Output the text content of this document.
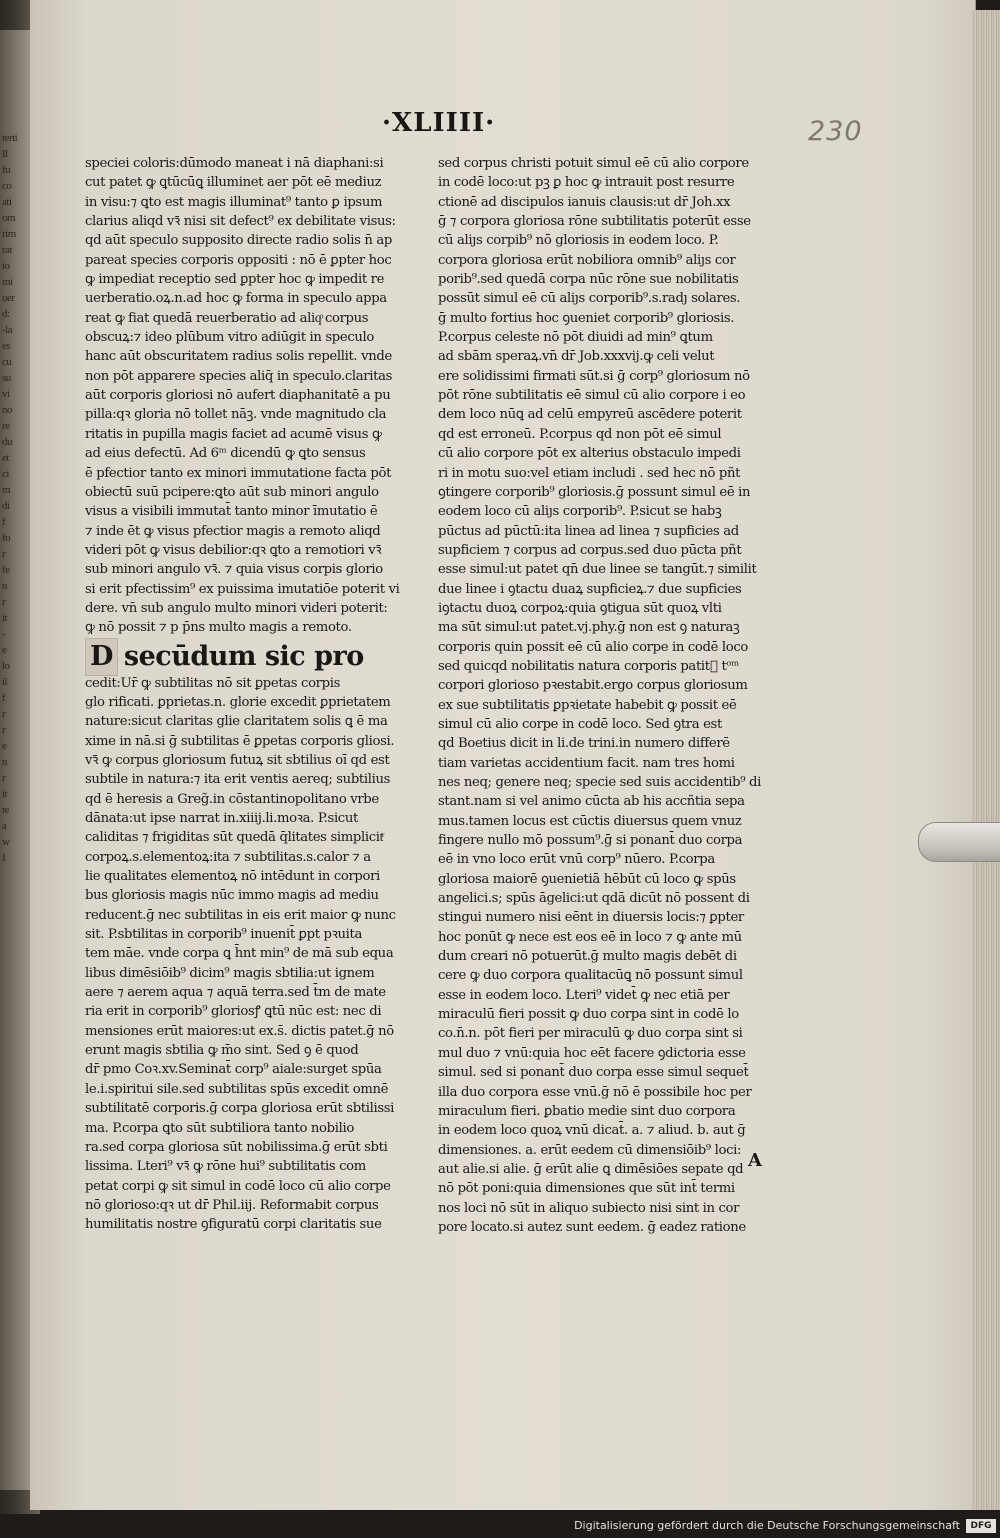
terti
Il
fu
co
ati
om
rim
rat
io
mi
uer
d:
-la
es
cu
su
vi
no
re
du
et
ci
m
di
f
fo
r
fe
n
r
it
-
e
lo
il
f
r
r
e
n
r
it
te
a
w
I
·XLIIII·	230
speciei coloris:dūmodo maneat i nā diaphani:si
cut patet ꝙ ꝗtūcūꝗ illuminet aer pōt eē mediuz
in visu:⁊ ꝗto est magis illuminat⁹ tanto ꝑ ipsum
clarius aliqd vꝛ̄ nisi sit defect⁹ ex debilitate visus:
qd aūt speculo supposito directe radio solis n̄ ap
pareat species corporis oppositi : nō ē ꝑpter hoc
ꝙ impediat receptio sed ꝑpter hoc ꝙ impedit re
uerberatio.oꝝ.n.ad hoc ꝙ forma in speculo appa
reat ꝙ fiat quedā reuerberatio ad aliqͦ corpus
obscuꝝ:⁊ ideo plūbum vitro adiūgit in speculo
hanc aūt obscuritatem radius solis repellit. vnde
non pōt apparere species aliq̄ in speculo.claritas
aūt corporis gloriosi nō aufert diaphanitatē a pu
pilla:qꝛ gloria nō tollet nāꝫ. vnde magnitudo cla
ritatis in pupilla magis faciet ad acumē visus ꝙ
ad eius defectū. Ad 6ᵐ dicendū ꝙ ꝗto sensus
ē pfectior tanto ex minori immutatione facta pōt
obiectū suū pcipere:ꝗto aūt sub minori angulo
visus a visibili immutat̄ tanto minor īmutatio ē
⁊ inde ēt ꝙ visus pfectior magis a remoto aliqd
videri pōt ꝙ visus debilior:qꝛ ꝗto a remotiori vꝛ̄
sub minori angulo vꝛ̄. ⁊ quia visus corpis glorio
si erit pfectissim⁹ ex puissima imutatiōe poterit vi
dere. vn̄ sub angulo multo minori videri poterit:
ꝙ nō possit ⁊ p p̄ns multo magis a remoto.
D secūdum sic pro
cedit:Ur̄ ꝙ subtilitas nō sit ꝑpetas corpis
glo rificati. ꝑprietas.n. glorie excedit ꝑprietatem
nature:sicut claritas glie claritatem solis ꝗ ē ma
xime in nā.si ḡ subtilitas ē ꝑpetas corporis gliosi.
vꝛ̄ ꝙ corpus gloriosum futuꝝ sit sbtilius oī qd est
subtile in natura:⁊ ita erit ventis aereq; subtilius
qd ē heresis a Greg̃.in cōstantinopolitano vrbe
dānata:ut ipse narrat in.xiiij.li.moꝛa. P.sicut
caliditas ⁊ frigiditas sūt quedā q̄litates simplicitͬ
corpoꝝ.s.elementoꝝ:ita ⁊ subtilitas.s.calor ⁊ a
lie qualitates elementoꝝ nō intēdunt in corpori
bus gloriosis magis nūc immo magis ad mediu
reducent.ḡ nec subtilitas in eis erit maior ꝙ nunc
sit. P.sbtilitas in corporib⁹ inuenit̄ ꝑpt pꝛuita
tem māe. vnde corpa ꝗ h̄nt min⁹ de mā sub equa
libus dimēsiōib⁹ dicim⁹ magis sbtilia:ut ignem
aere ⁊ aerem aqua ⁊ aquā terra.sed t̄m de mate
ria erit in corporib⁹ gloriosꝭ ꝗtū nūc est: nec di
mensiones erūt maiores:ut ex.s̄. dictis patet.ḡ nō
erunt magis sbtilia ꝙ m̄o sint. Sed ꝯ ē quod
dr̄ pmo Coꝛ.xv.Seminat̄ corp⁹ aiale:surget spūa
le.i.spiritui sile.sed subtilitas spūs excedit omnē
subtilitatē corporis.ḡ corpa gloriosa erūt sbtilissi
ma. P.corpa ꝗto sūt subtiliora tanto nobilio
ra.sed corpa gloriosa sūt nobilissima.ḡ erūt sbti
lissima. Lteri⁹ vꝛ̄ ꝙ rōne hui⁹ subtilitatis com
petat corpi ꝙ sit simul in codē loco cū alio corpe
nō glorioso:qꝛ ut dr̄ Phil.iij. Reformabit corpus
humilitatis nostre ꝯfiguratū corpi claritatis sue
sed corpus christi potuit simul eē cū alio corpore
in codē loco:ut pꝫ ꝑ hoc ꝙ intrauit post resurre
ctionē ad discipulos ianuis clausis:ut dr̄ Joh.xx
ḡ ⁊ corpora gloriosa rōne subtilitatis poterūt esse
cū aliȷs corpib⁹ nō gloriosis in eodem loco. P.
corpora gloriosa erūt nobiliora omnib⁹ aliȷs cor
porib⁹.sed quedā corpa nūc rōne sue nobilitatis
possūt simul eē cū aliȷs corporib⁹.s.radȷ solares.
ḡ multo fortius hoc ꝯueniet corporib⁹ gloriosis.
P.corpus celeste nō pōt diuidi ad min⁹ ꝗtum
ad sbām speraꝝ.vn̄ dr̄ Job.xxxvij.ꝙ celi velut
ere solidissimi firmati sūt.si ḡ corp⁹ gloriosum nō
pōt rōne subtilitatis eē simul cū alio corpore i eo
dem loco nūꝗ ad celū empyreū ascēdere poterit
qd est erroneū. P.corpus qd non pōt eē simul
cū alio corpore pōt ex alterius obstaculo impedi
ri in motu suo:vel etiam includi . sed hec nō pñt
ꝯtingere corporib⁹ gloriosis.ḡ possunt simul eē in
eodem loco cū aliȷs corporib⁹. P.sicut se habꝫ
pūctus ad pūctū:ita linea ad linea ⁊ supficies ad
supficiem ⁊ corpus ad corpus.sed duo pūcta pñt
esse simul:ut patet qn̄ due linee se tangūt.⁊ similit
due linee i ꝯtactu duaꝝ supficieꝝ.⁊ due supficies
iꝯtactu duoꝝ corpoꝝ:quia ꝯtigua sūt quoꝝ vlti
ma sūt simul:ut patet.vj.phy.ḡ non est ꝯ naturaꝫ
corporis quin possit eē cū alio corpe in codē loco
sed quicqd nobilitatis natura corporis patit᷑ tᵒᵐ
corpori glorioso pꝛestabit.ergo corpus gloriosum
ex sue subtilitatis ꝑpꝛietate habebit ꝙ possit eē
simul cū alio corpe in codē loco. Sed ꝯtra est
qd Boetius dicit in li.de trini.in numero differē
tiam varietas accidentium facit. nam tres homi
nes neq; genere neq; specie sed suis accidentib⁹ di
stant.nam si vel animo cūcta ab his accñtia sepa
mus.tamen locus est cūctis diuersus quem vnuz
fingere nullo mō possum⁹.ḡ si ponant̄ duo corpa
eē in vno loco erūt vnū corp⁹ nūero. P.corpa
gloriosa maiorē ꝯuenietiā hēbūt cū loco ꝙ spūs
angelici.s; spūs āgelici:ut qdā dicūt nō possent di
stingui numero nisi eēnt in diuersis locis:⁊ ꝑpter
hoc ponūt ꝙ nece est eos eē in loco ⁊ ꝙ ante mū
dum creari nō potuerūt.ḡ multo magis debēt di
cere ꝙ duo corpora qualitacūꝗ nō possunt simul
esse in eodem loco. Lteri⁹ videt̄ ꝙ nec etiā per
miraculū fieri possit ꝙ duo corpa sint in codē lo
co.n̄.n. pōt fieri per miraculū ꝙ duo corpa sint si
mul duo ⁊ vnū:quia hoc eēt facere ꝯdictoria esse
simul. sed si ponant̄ duo corpa esse simul sequet̄
illa duo corpora esse vnū.ḡ nō ē possibile hoc per
miraculum fieri. ꝑbatio medie sint duo corpora
in eodem loco quoꝝ vnū dicat̄. a. ⁊ aliud. b. aut ḡ
dimensiones. a. erūt eedem cū dimensiōib⁹ loci:
aut alie.si alie. ḡ erūt alie ꝗ dimēsiōes sepate qd
nō pōt poni:quia dimensiones que sūt int̄ termi
nos loci nō sūt in aliquo subiecto nisi sint in cor
pore locato.si autez sunt eedem. ḡ eadez ratione
A
Digitalisierung gefördert durch die Deutsche Forschungsgemeinschaft	DFG
